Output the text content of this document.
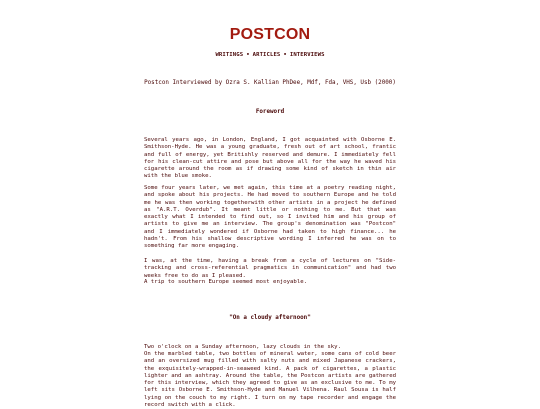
POSTCON
WRITINGS • ARTICLES • INTERVIEWS
Postcon Interviewed by Ozra S. Kallian PhDee, Mdf, Fda, VHS, Usb (2000)
Foreword

Several years ago, in London, England, I got acquainted with Osborne E. Smithson-Hyde. He was a young graduate, fresh out of art school, frantic and full of energy, yet Britishly reserved and demure. I immediately fell for his clean-cut attire and pose but above all for the way he waved his cigarette around the room as if drawing some kind of sketch in thin air with the blue smoke.

Some four years later, we met again, this time at a poetry reading night, and spoke about his projects. He had moved to southern Europe and he told me he was then working togetherwith other artists in a project he defined as "A.R.T. Overdub". It meant little or nothing to me. But that was exactly what I intended to find out, so I invited him and his group of artists to give me an interview. The group's denomination was "Postcon" and I immediately wondered if Osborne had taken to high finance... he hadn't. From his shallow descriptive wording I inferred he was on to something far more engaging.

I was, at the time, having a break from a cycle of lectures on "Side-tracking and cross-referential pragmatics in communication" and had two weeks free to do as I pleased.

A trip to southern Europe seemed most enjoyable.

"On a cloudy afternoon"

Two o'clock on a Sunday afternoon, lazy clouds in the sky.

On the marbled table, two bottles of mineral water, some cans of cold beer and an oversized mug filled with salty nuts and mixed Japanese crackers, the exquisitely-wrapped-in-seaweed kind. A pack of cigarettes, a plastic lighter and an ashtray. Around the table, the Postcon artists are gathered for this interview, which they agreed to give as an exclusive to me. To my left sits Osborne E. Smithson-Hyde and Manuel Vilhena. Raul Sousa is half lying on the couch to my right. I turn on my tape recorder and engage the record switch with a click.
